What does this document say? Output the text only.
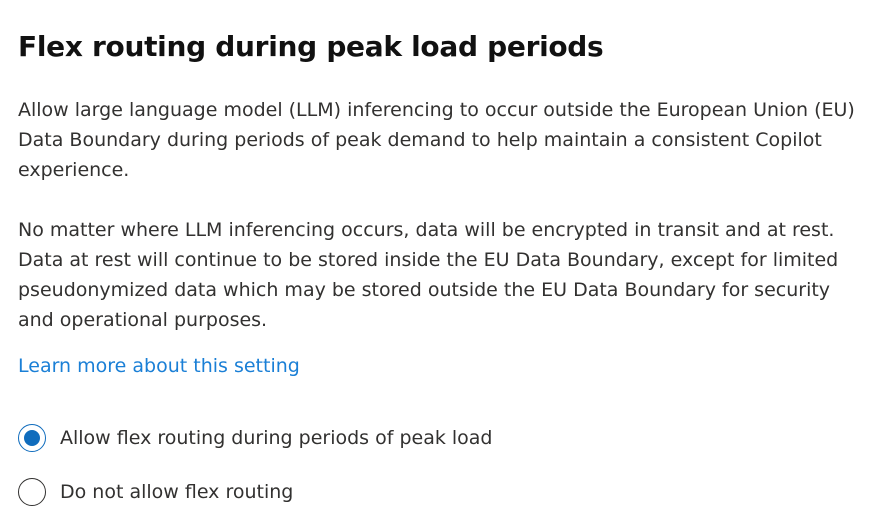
Flex routing during peak load periods

Allow large language model (LLM) inferencing to occur outside the European Union (EU) Data Boundary during periods of peak demand to help maintain a consistent Copilot experience.

No matter where LLM inferencing occurs, data will be encrypted in transit and at rest. Data at rest will continue to be stored inside the EU Data Boundary, except for limited pseudonymized data which may be stored outside the EU Data Boundary for security and operational purposes.

Learn more about this setting
Allow flex routing during periods of peak load
Do not allow flex routing
